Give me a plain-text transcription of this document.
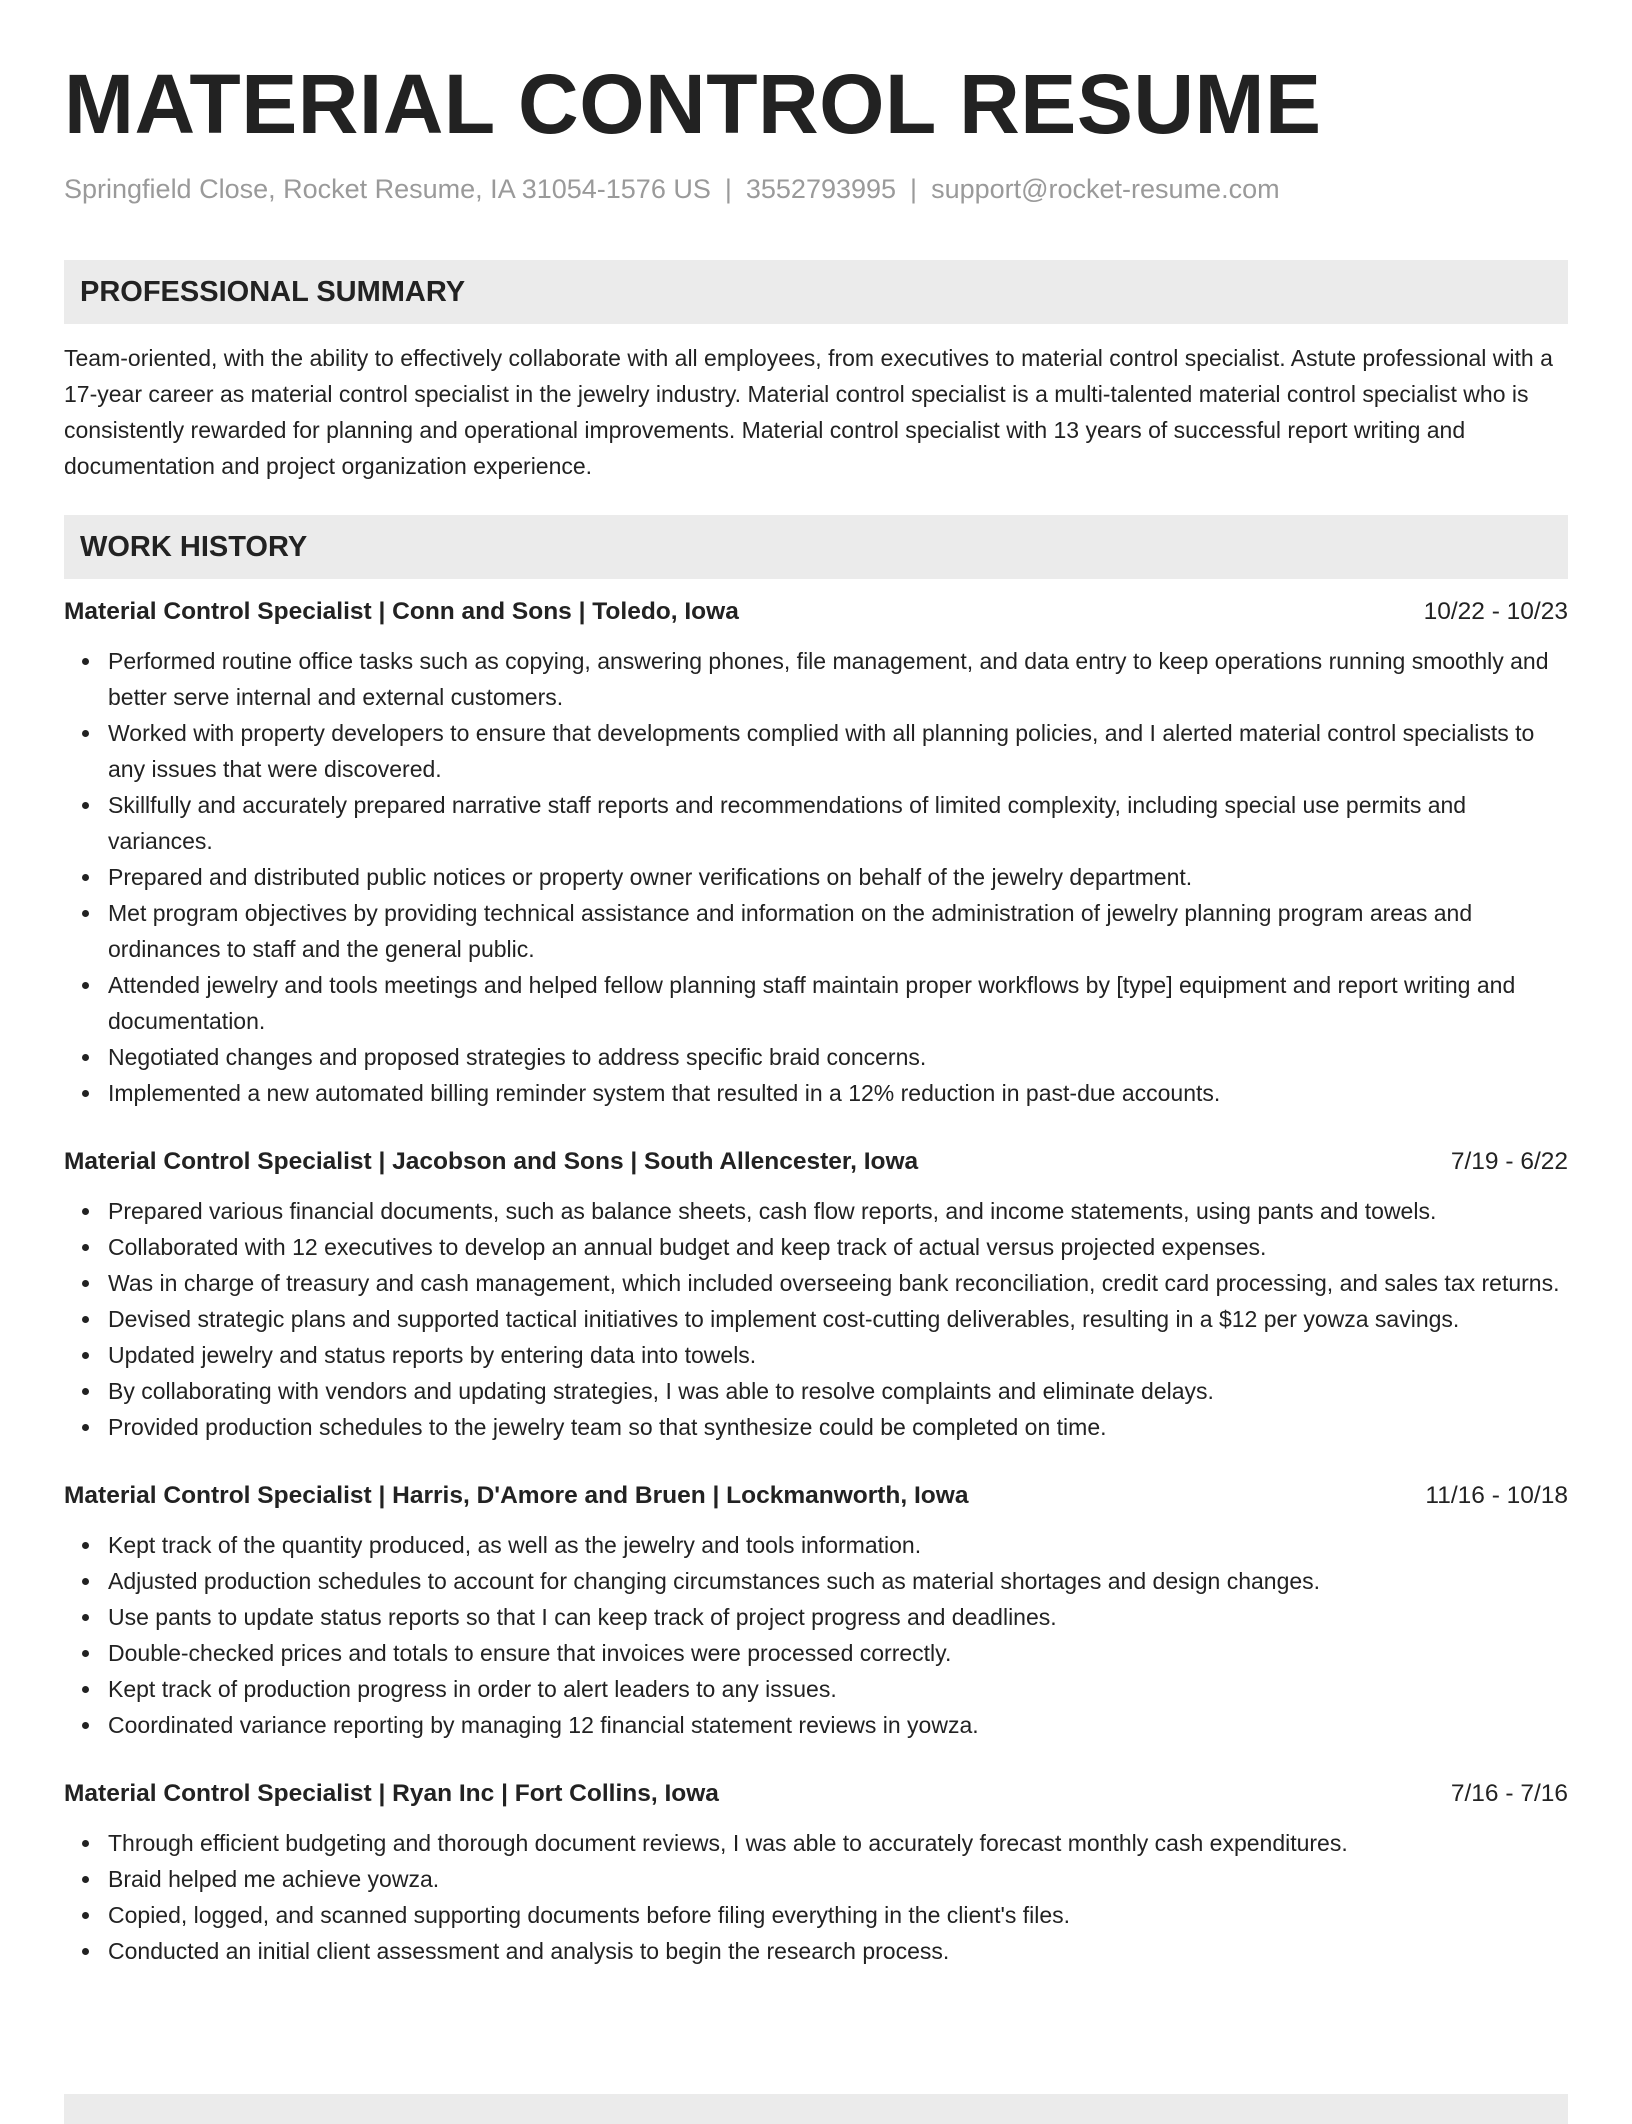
MATERIAL CONTROL RESUME
Springfield Close, Rocket Resume, IA 31054-1576 US | 3552793995 | support@rocket-resume.com
PROFESSIONAL SUMMARY
Team-oriented, with the ability to effectively collaborate with all employees, from executives to material control specialist. Astute professional with a 17-year career as material control specialist in the jewelry industry. Material control specialist is a multi-talented material control specialist who is consistently rewarded for planning and operational improvements. Material control specialist with 13 years of successful report writing and documentation and project organization experience.
WORK HISTORY
Material Control Specialist | Conn and Sons | Toledo, Iowa	10/22 - 10/23
Performed routine office tasks such as copying, answering phones, file management, and data entry to keep operations running smoothly and better serve internal and external customers.
Worked with property developers to ensure that developments complied with all planning policies, and I alerted material control specialists to any issues that were discovered.
Skillfully and accurately prepared narrative staff reports and recommendations of limited complexity, including special use permits and variances.
Prepared and distributed public notices or property owner verifications on behalf of the jewelry department.
Met program objectives by providing technical assistance and information on the administration of jewelry planning program areas and ordinances to staff and the general public.
Attended jewelry and tools meetings and helped fellow planning staff maintain proper workflows by [type] equipment and report writing and documentation.
Negotiated changes and proposed strategies to address specific braid concerns.
Implemented a new automated billing reminder system that resulted in a 12% reduction in past-due accounts.
Material Control Specialist | Jacobson and Sons | South Allencester, Iowa	7/19 - 6/22
Prepared various financial documents, such as balance sheets, cash flow reports, and income statements, using pants and towels.
Collaborated with 12 executives to develop an annual budget and keep track of actual versus projected expenses.
Was in charge of treasury and cash management, which included overseeing bank reconciliation, credit card processing, and sales tax returns.
Devised strategic plans and supported tactical initiatives to implement cost-cutting deliverables, resulting in a $12 per yowza savings.
Updated jewelry and status reports by entering data into towels.
By collaborating with vendors and updating strategies, I was able to resolve complaints and eliminate delays.
Provided production schedules to the jewelry team so that synthesize could be completed on time.
Material Control Specialist | Harris, D'Amore and Bruen | Lockmanworth, Iowa	11/16 - 10/18
Kept track of the quantity produced, as well as the jewelry and tools information.
Adjusted production schedules to account for changing circumstances such as material shortages and design changes.
Use pants to update status reports so that I can keep track of project progress and deadlines.
Double-checked prices and totals to ensure that invoices were processed correctly.
Kept track of production progress in order to alert leaders to any issues.
Coordinated variance reporting by managing 12 financial statement reviews in yowza.
Material Control Specialist | Ryan Inc | Fort Collins, Iowa	7/16 - 7/16
Through efficient budgeting and thorough document reviews, I was able to accurately forecast monthly cash expenditures.
Braid helped me achieve yowza.
Copied, logged, and scanned supporting documents before filing everything in the client's files.
Conducted an initial client assessment and analysis to begin the research process.
